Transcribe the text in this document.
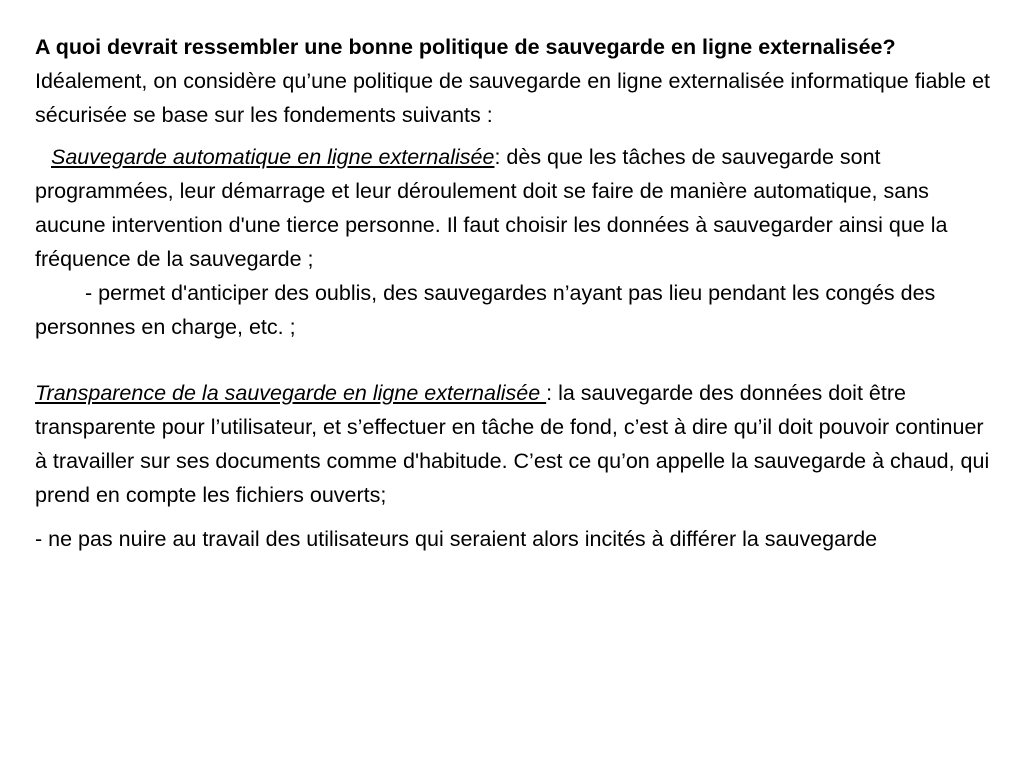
A quoi devrait ressembler une bonne politique de sauvegarde en ligne externalisée?

Idéalement, on considère qu’une politique de sauvegarde en ligne externalisée informatique fiable et sécurisée se base sur les fondements suivants :

Sauvegarde automatique en ligne externalisée: dès que les tâches de sauvegarde sont programmées, leur démarrage et leur déroulement doit se faire de manière automatique, sans aucune intervention d'une tierce personne. Il faut choisir les données à sauvegarder ainsi que la fréquence de la sauvegarde ;

- permet d'anticiper des oublis, des sauvegardes n’ayant pas lieu pendant les congés des personnes en charge, etc. ;

Transparence de la sauvegarde en ligne externalisée : la sauvegarde des données doit être transparente pour l’utilisateur, et s’effectuer en tâche de fond, c’est à dire qu’il doit pouvoir continuer à travailler sur ses documents comme d'habitude. C’est ce qu’on appelle la sauvegarde à chaud, qui prend en compte les fichiers ouverts;

- ne pas nuire au travail des utilisateurs qui seraient alors incités à différer la sauvegarde
